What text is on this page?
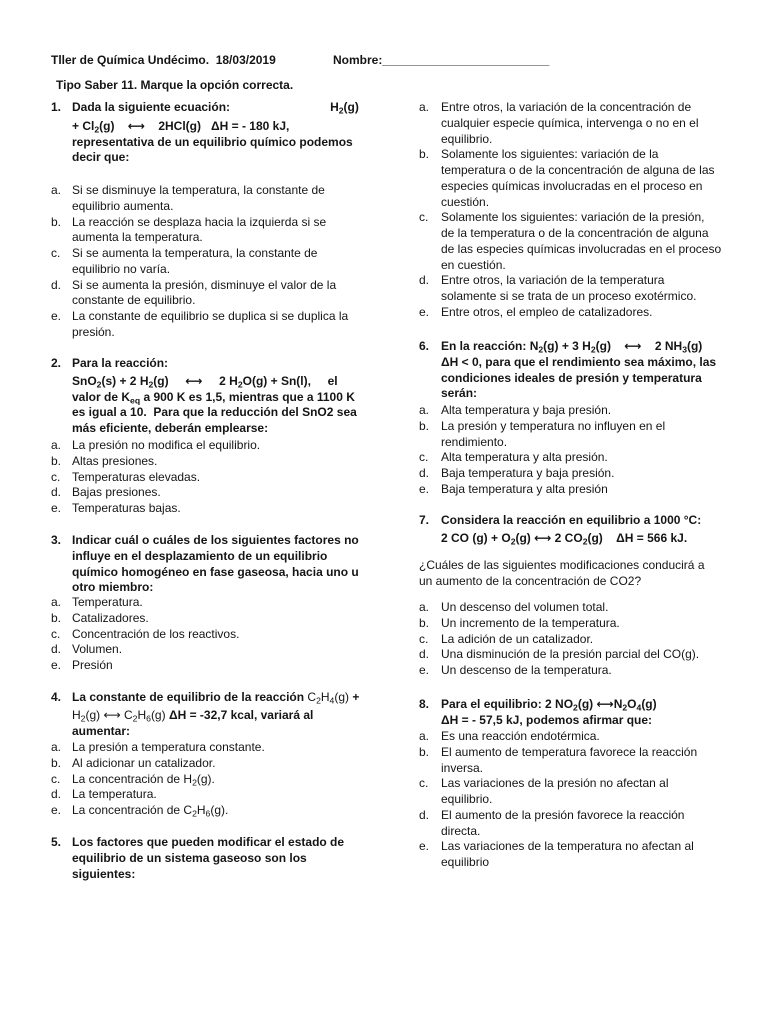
Tller de Química Undécimo.  18/03/2019	Nombre:_________________________
Tipo Saber 11. Marque la opción correcta.
1. Dada la siguiente ecuación:                              $H_2(g)$
+ $Cl_2(g)$    ⟷    2HCl(g)   ΔH = - 180 kJ,
representativa de un equilibrio químico podemos
decir que:
a. Si se disminuye la temperatura, la constante de
equilibrio aumenta.
b. La reacción se desplaza hacia la izquierda si se
aumenta la temperatura.
c. Si se aumenta la temperatura, la constante de
equilibrio no varía.
d. Si se aumenta la presión, disminuye el valor de la
constante de equilibrio.
e. La constante de equilibrio se duplica si se duplica la
presión.
2. Para la reacción:
SnO$_2$(s) + 2 $H_2(g)$     ⟷     2 $H_2O(g) + Sn(l)$,     el
valor de $K_{eq}$ a 900 K es 1,5, mientras que a 1100 K
es igual a 10.  Para que la reducción del SnO2 sea
más eficiente, deberán emplearse:
a. La presión no modifica el equilibrio.
b. Altas presiones.
c. Temperaturas elevadas.
d. Bajas presiones.
e. Temperaturas bajas.
3. Indicar cuál o cuáles de los siguientes factores no
influye en el desplazamiento de un equilibrio
químico homogéneo en fase gaseosa, hacia uno u
otro miembro:
a. Temperatura.
b. Catalizadores.
c. Concentración de los reactivos.
d. Volumen.
e. Presión
4. La constante de equilibrio de la reacción $C_2H_4(g)$ +
$H_2(g)$ ⟷ $C_2H_6(g) \Delta H = -32,7$ kcal, variará al
aumentar:
a. La presión a temperatura constante.
b. Al adicionar un catalizador.
c. La concentración de $H_2(g)$.
d. La temperatura.
e. La concentración de $C_2H_6(g)$.
5. Los factores que pueden modificar el estado de
equilibrio de un sistema gaseoso son los
siguientes:
a. Entre otros, la variación de la concentración de
cualquier especie química, intervenga o no en el
equilibrio.
b. Solamente los siguientes: variación de la
temperatura o de la concentración de alguna de las
especies químicas involucradas en el proceso en
cuestión.
c. Solamente los siguientes: variación de la presión,
de la temperatura o de la concentración de alguna
de las especies químicas involucradas en el proceso
en cuestión.
d. Entre otros, la variación de la temperatura
solamente si se trata de un proceso exotérmico.
e. Entre otros, el empleo de catalizadores.
6. En la reacción: $N_2(g) + 3$ $H_2(g)$    ⟷    2 $NH_3(g)$
ΔH < 0, para que el rendimiento sea máximo, las
condiciones ideales de presión y temperatura
serán:
a. Alta temperatura y baja presión.
b. La presión y temperatura no influyen en el
rendimiento.
c. Alta temperatura y alta presión.
d. Baja temperatura y baja presión.
e. Baja temperatura y alta presión
7. Considera la reacción en equilibrio a 1000 °C:
2 CO $(g) + O_2(g)$ ⟷ 2 $CO_2(g)$    ΔH = 566 kJ.
¿Cuáles de las siguientes modificaciones conducirá a
un aumento de la concentración de CO2?
a. Un descenso del volumen total.
b. Un incremento de la temperatura.
c. La adición de un catalizador.
d. Una disminución de la presión parcial del CO(g).
e. Un descenso de la temperatura.
8. Para el equilibrio: 2 $NO_2(g)$ $⟷N_2O_4(g)$
ΔH = - 57,5 kJ, podemos afirmar que:
a. Es una reacción endotérmica.
b. El aumento de temperatura favorece la reacción
inversa.
c. Las variaciones de la presión no afectan al
equilibrio.
d. El aumento de la presión favorece la reacción
directa.
e. Las variaciones de la temperatura no afectan al
equilibrio
